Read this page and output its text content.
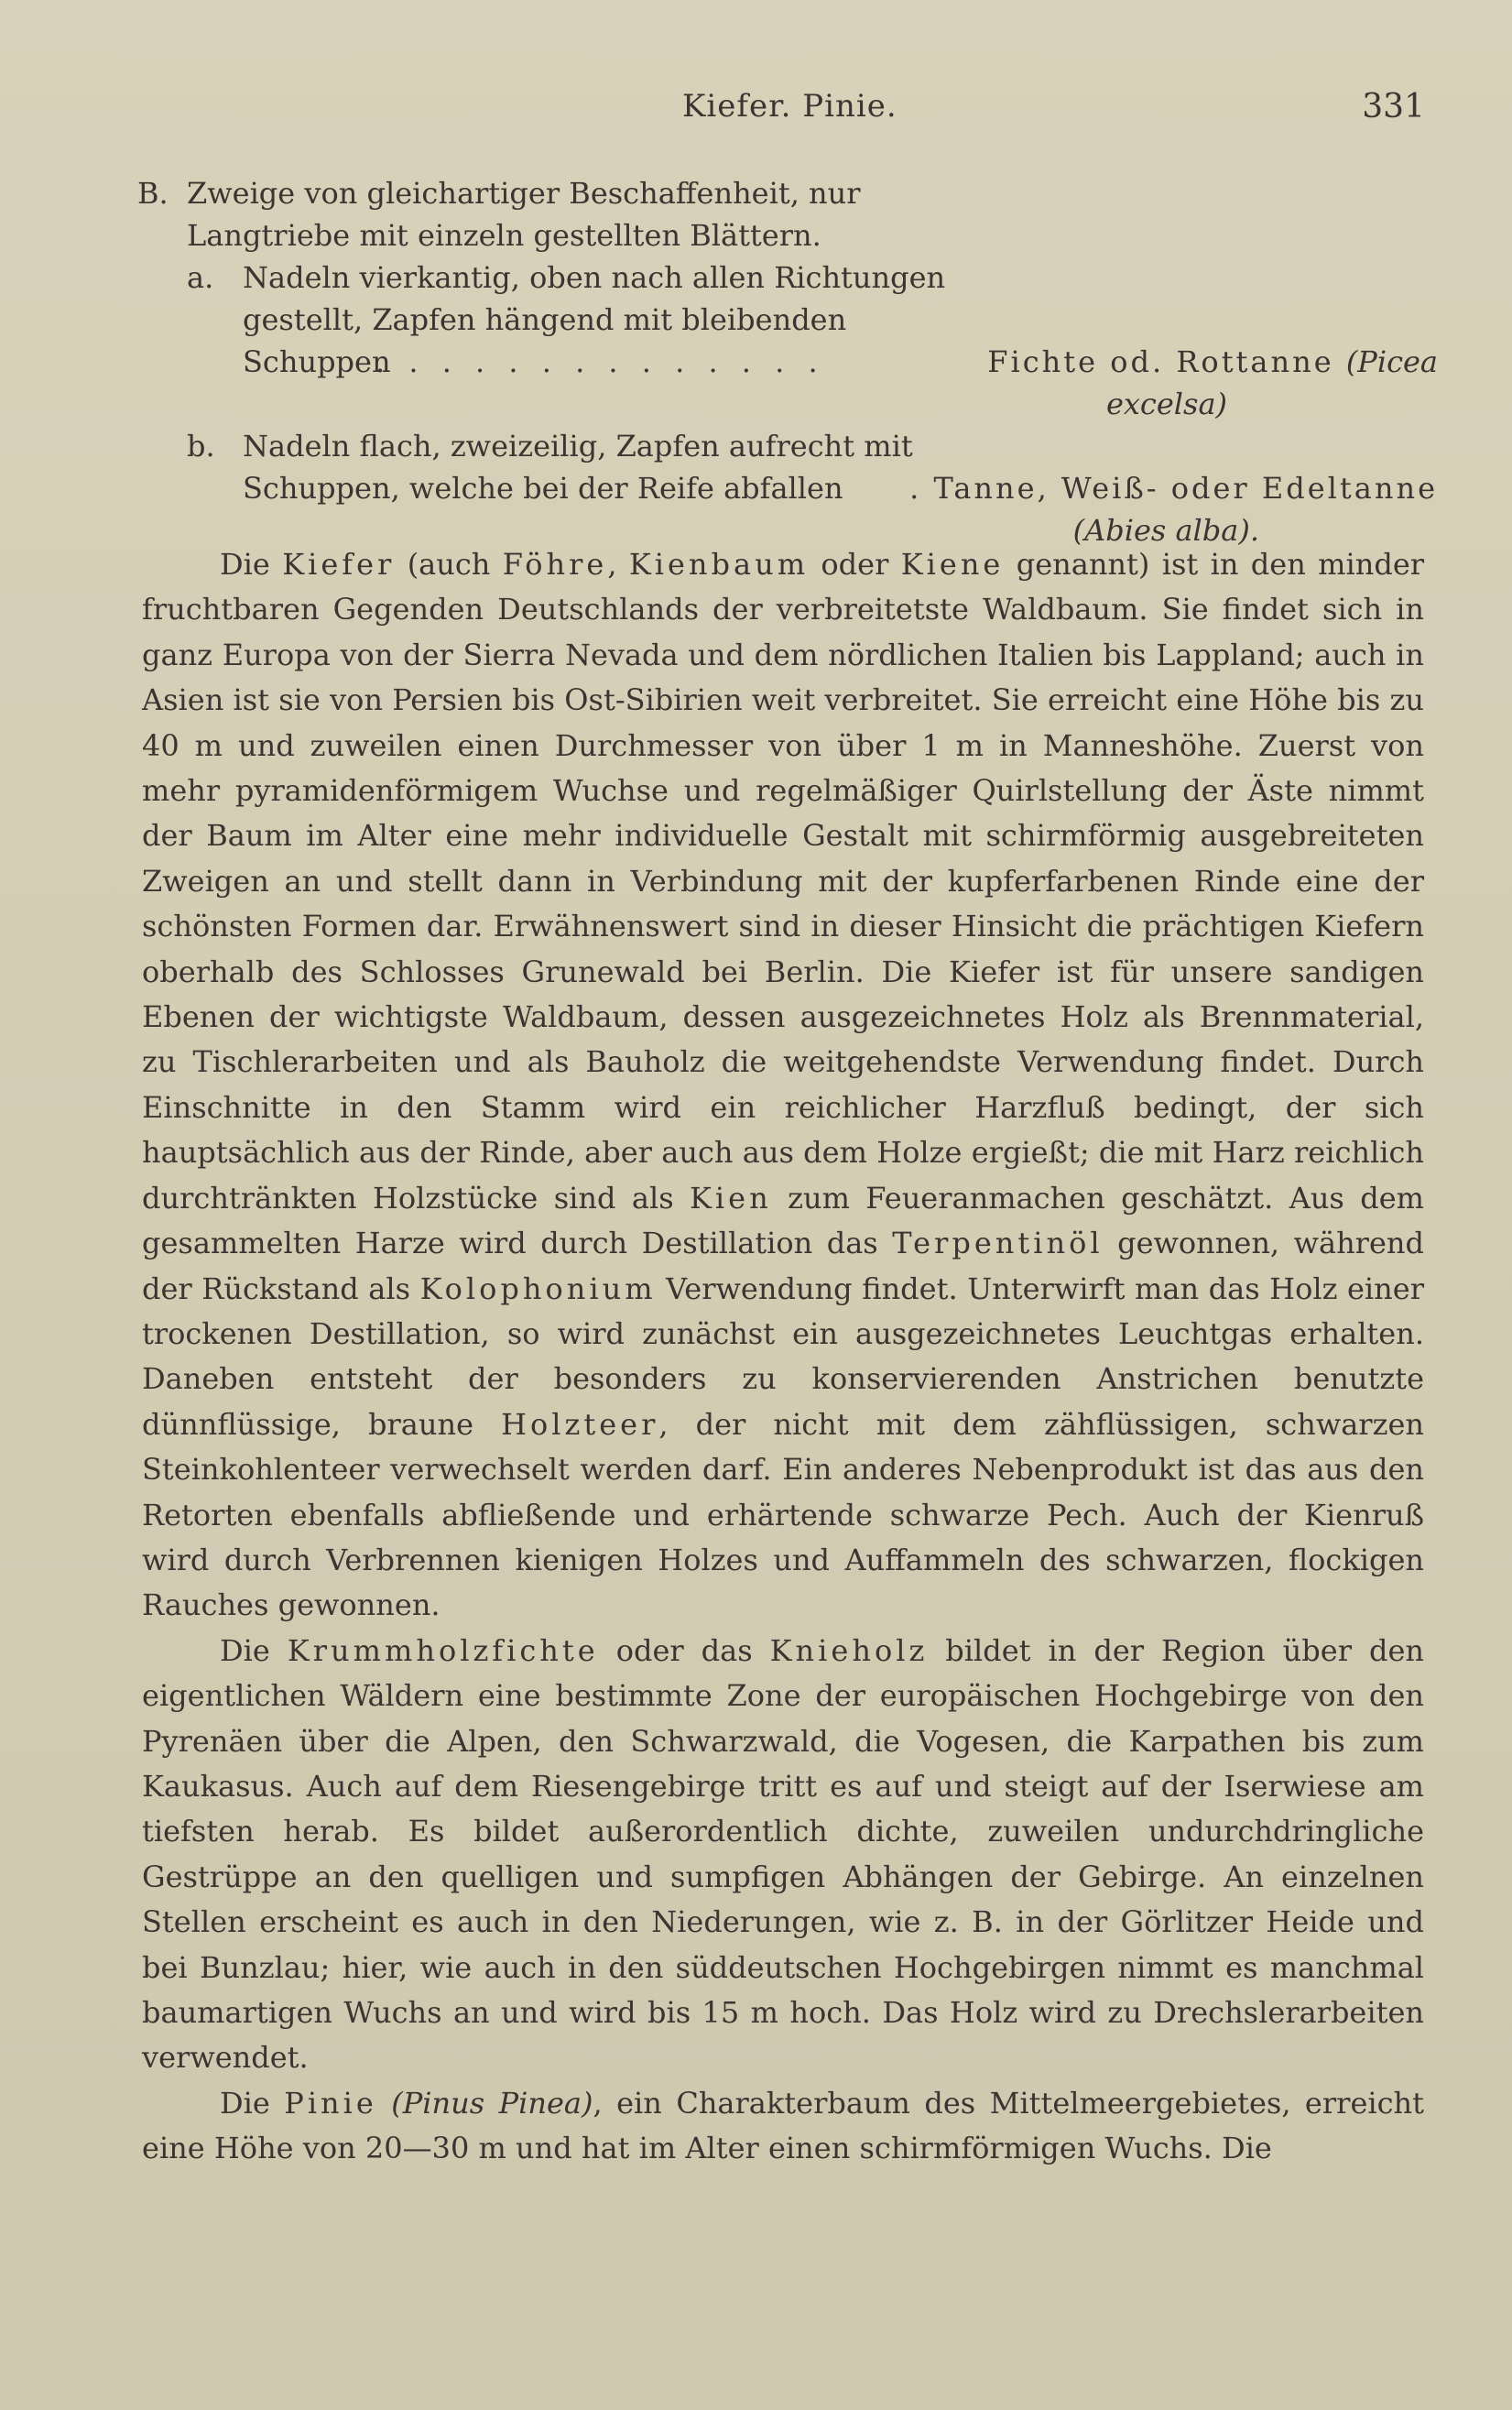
Kiefer. Pinie.	331
B. Zweige von gleichartiger Beschaffenheit, nur
Langtriebe mit einzeln gestellten Blättern.
a. Nadeln vierkantig, oben nach allen Richtungen
gestellt, Zapfen hängend mit bleibenden
Schuppen
. . . . . . . . . . . . . .	Fichte od. Rottanne (Picea
excelsa)
b. Nadeln flach, zweizeilig, Zapfen aufrecht mit
Schuppen, welche bei der Reife abfallen . Tanne, Weiß- oder Edeltanne
(Abies alba).

Die Kiefer (auch Föhre, Kienbaum oder Kiene genannt) ist in den minder fruchtbaren Gegenden Deutschlands der verbreitetste Waldbaum. Sie findet sich in ganz Europa von der Sierra Nevada und dem nördlichen Italien bis Lappland; auch in Asien ist sie von Persien bis Ost-Sibirien weit verbreitet. Sie erreicht eine Höhe bis zu 40 m und zuweilen einen Durchmesser von über 1 m in Manneshöhe. Zuerst von mehr pyramidenförmigem Wuchse und regelmäßiger Quirlstellung der Äste nimmt der Baum im Alter eine mehr individuelle Gestalt mit schirmförmig ausgebreiteten Zweigen an und stellt dann in Verbindung mit der kupferfarbenen Rinde eine der schönsten Formen dar. Erwähnenswert sind in dieser Hinsicht die prächtigen Kiefern oberhalb des Schlosses Grunewald bei Berlin. Die Kiefer ist für unsere sandigen Ebenen der wichtigste Waldbaum, dessen ausgezeichnetes Holz als Brennmaterial, zu Tischlerarbeiten und als Bauholz die weitgehendste Verwendung findet. Durch Einschnitte in den Stamm wird ein reichlicher Harzfluß bedingt, der sich hauptsächlich aus der Rinde, aber auch aus dem Holze ergießt; die mit Harz reichlich durchtränkten Holzstücke sind als Kien zum Feueranmachen geschätzt. Aus dem gesammelten Harze wird durch Destillation das Terpentinöl gewonnen, während der Rückstand als Kolophonium Verwendung findet. Unterwirft man das Holz einer trockenen Destillation, so wird zunächst ein ausgezeichnetes Leuchtgas erhalten. Daneben entsteht der besonders zu konservierenden Anstrichen benutzte dünnflüssige, braune Holzteer, der nicht mit dem zähflüssigen, schwarzen Steinkohlenteer verwechselt werden darf. Ein anderes Nebenprodukt ist das aus den Retorten ebenfalls abfließende und erhärtende schwarze Pech. Auch der Kienruß wird durch Verbrennen kienigen Holzes und Auffammeln des schwarzen, flockigen Rauches gewonnen.

Die Krummholzfichte oder das Knieholz bildet in der Region über den eigentlichen Wäldern eine bestimmte Zone der europäischen Hochgebirge von den Pyrenäen über die Alpen, den Schwarzwald, die Vogesen, die Karpathen bis zum Kaukasus. Auch auf dem Riesengebirge tritt es auf und steigt auf der Iserwiese am tiefsten herab. Es bildet außerordentlich dichte, zuweilen undurchdringliche Gestrüppe an den quelligen und sumpfigen Abhängen der Gebirge. An einzelnen Stellen erscheint es auch in den Niederungen, wie z. B. in der Görlitzer Heide und bei Bunzlau; hier, wie auch in den süddeutschen Hochgebirgen nimmt es manchmal baumartigen Wuchs an und wird bis 15 m hoch. Das Holz wird zu Drechslerarbeiten verwendet.

Die Pinie (Pinus Pinea), ein Charakterbaum des Mittelmeergebietes, erreicht eine Höhe von 20—30 m und hat im Alter einen schirmförmigen Wuchs. Die
